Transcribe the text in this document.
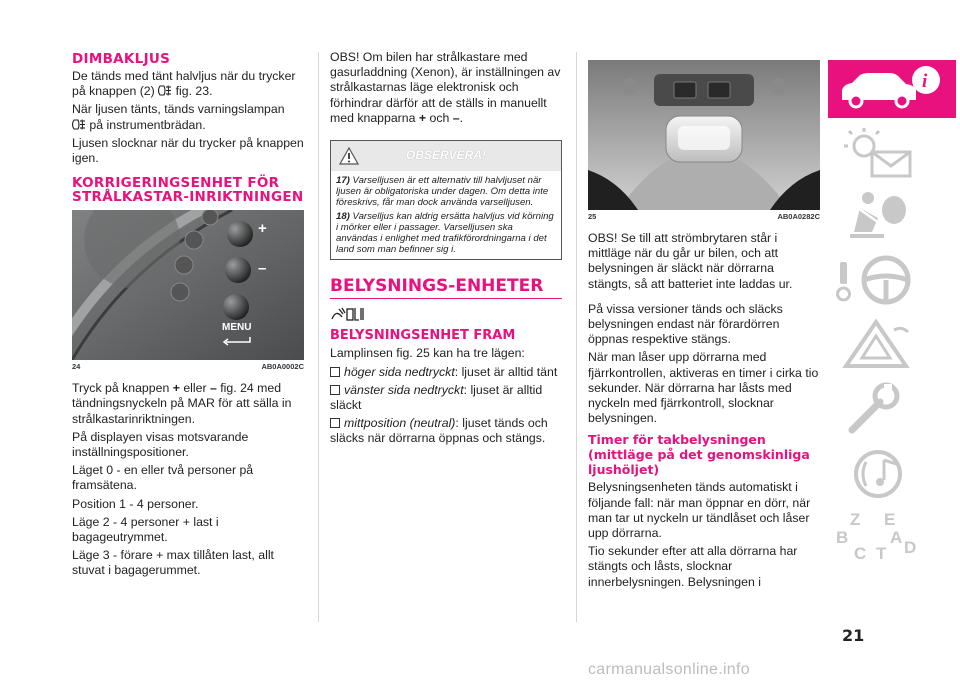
DIMBAKLJUS

De tänds med tänt halvljus när du trycker på knappen (2) fig. 23.

När ljusen tänts, tänds varningslampan
på instrumentbrädan.

Ljusen slocknar när du trycker på knappen igen.

KORRIGERINGSENHET FÖR STRÅLKASTAR-INRIKTNINGEN
+
–
MENU
24	AB0A0002C

Tryck på knappen + eller – fig. 24 med tändningsnyckeln på MAR för att sälla in strålkastarinriktningen.

På displayen visas motsvarande inställningspositioner.

Läget 0 - en eller två personer på framsätena.

Position 1 - 4 personer.

Läge 2 - 4 personer + last i bagageutrymmet.

Läge 3 - förare + max tillåten last, allt stuvat i bagagerummet.

OBS! Om bilen har strålkastare med gasurladdning (Xenon), är inställningen av strålkastarnas läge elektronisk och förhindrar därför att de ställs in manuellt med knapparna + och –.

OBSERVERA!
17) Varselljusen är ett alternativ till halvljuset när ljusen är obligatoriska under dagen. Om detta inte föreskrivs, får man dock använda varselljusen.
18) Varselljus kan aldrig ersätta halvljus vid körning i mörker eller i passager. Varselljusen ska användas i enlighet med trafikförordningarna i det land som man befinner sig i.
BELYSNINGS-ENHETER
BELYSNINGSENHET FRAM

Lamplinsen fig. 25 kan ha tre lägen:

höger sida nedtryckt: ljuset är alltid tänt

vänster sida nedtryckt: ljuset är alltid släckt

mittposition (neutral): ljuset tänds och släcks när dörrarna öppnas och stängs.

25	AB0A0282C

OBS! Se till att strömbrytaren står i mittläge när du går ur bilen, och att belysningen är släckt när dörrarna stängts, så att batteriet inte laddas ur.

På vissa versioner tänds och släcks belysningen endast när förardörren öppnas respektive stängs.

När man låser upp dörrarna med fjärrkontrollen, aktiveras en timer i cirka tio sekunder. När dörrarna har låsts med nyckeln med fjärrkontroll, slocknar belysningen.

Timer för takbelysningen (mittläge på det genomskinliga ljushöljet)

Belysningsenheten tänds automatiskt i följande fall: när man öppnar en dörr, när man tar ut nyckeln ur tändlåset och låser upp dörrarna.

Tio sekunder efter att alla dörrarna har stängts och låsts, slocknar innerbelysningen. Belysningen i

i
Z E
B A
C T D
21
carmanualsonline.info
